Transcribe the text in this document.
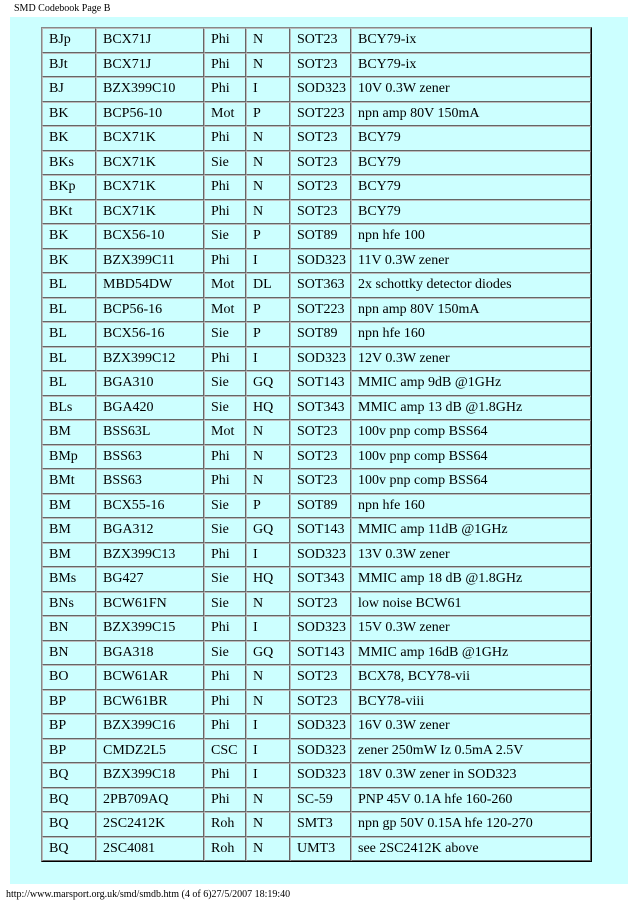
SMD Codebook Page B
BJp	BCX71J	Phi	N	SOT23	BCY79-ix
BJt	BCX71J	Phi	N	SOT23	BCY79-ix
BJ	BZX399C10	Phi	I	SOD323	10V 0.3W zener
BK	BCP56-10	Mot	P	SOT223	npn amp 80V 150mA
BK	BCX71K	Phi	N	SOT23	BCY79
BKs	BCX71K	Sie	N	SOT23	BCY79
BKp	BCX71K	Phi	N	SOT23	BCY79
BKt	BCX71K	Phi	N	SOT23	BCY79
BK	BCX56-10	Sie	P	SOT89	npn hfe 100
BK	BZX399C11	Phi	I	SOD323	11V 0.3W zener
BL	MBD54DW	Mot	DL	SOT363	2x schottky detector diodes
BL	BCP56-16	Mot	P	SOT223	npn amp 80V 150mA
BL	BCX56-16	Sie	P	SOT89	npn hfe 160
BL	BZX399C12	Phi	I	SOD323	12V 0.3W zener
BL	BGA310	Sie	GQ	SOT143	MMIC amp 9dB @1GHz
BLs	BGA420	Sie	HQ	SOT343	MMIC amp 13 dB @1.8GHz
BM	BSS63L	Mot	N	SOT23	100v pnp comp BSS64
BMp	BSS63	Phi	N	SOT23	100v pnp comp BSS64
BMt	BSS63	Phi	N	SOT23	100v pnp comp BSS64
BM	BCX55-16	Sie	P	SOT89	npn hfe 160
BM	BGA312	Sie	GQ	SOT143	MMIC amp 11dB @1GHz
BM	BZX399C13	Phi	I	SOD323	13V 0.3W zener
BMs	BG427	Sie	HQ	SOT343	MMIC amp 18 dB @1.8GHz
BNs	BCW61FN	Sie	N	SOT23	low noise BCW61
BN	BZX399C15	Phi	I	SOD323	15V 0.3W zener
BN	BGA318	Sie	GQ	SOT143	MMIC amp 16dB @1GHz
BO	BCW61AR	Phi	N	SOT23	BCX78, BCY78-vii
BP	BCW61BR	Phi	N	SOT23	BCY78-viii
BP	BZX399C16	Phi	I	SOD323	16V 0.3W zener
BP	CMDZ2L5	CSC	I	SOD323	zener 250mW Iz 0.5mA 2.5V
BQ	BZX399C18	Phi	I	SOD323	18V 0.3W zener in SOD323
BQ	2PB709AQ	Phi	N	SC-59	PNP 45V 0.1A hfe 160-260
BQ	2SC2412K	Roh	N	SMT3	npn gp 50V 0.15A hfe 120-270
BQ	2SC4081	Roh	N	UMT3	see 2SC2412K above
http://www.marsport.org.uk/smd/smdb.htm (4 of 6)27/5/2007 18:19:40
